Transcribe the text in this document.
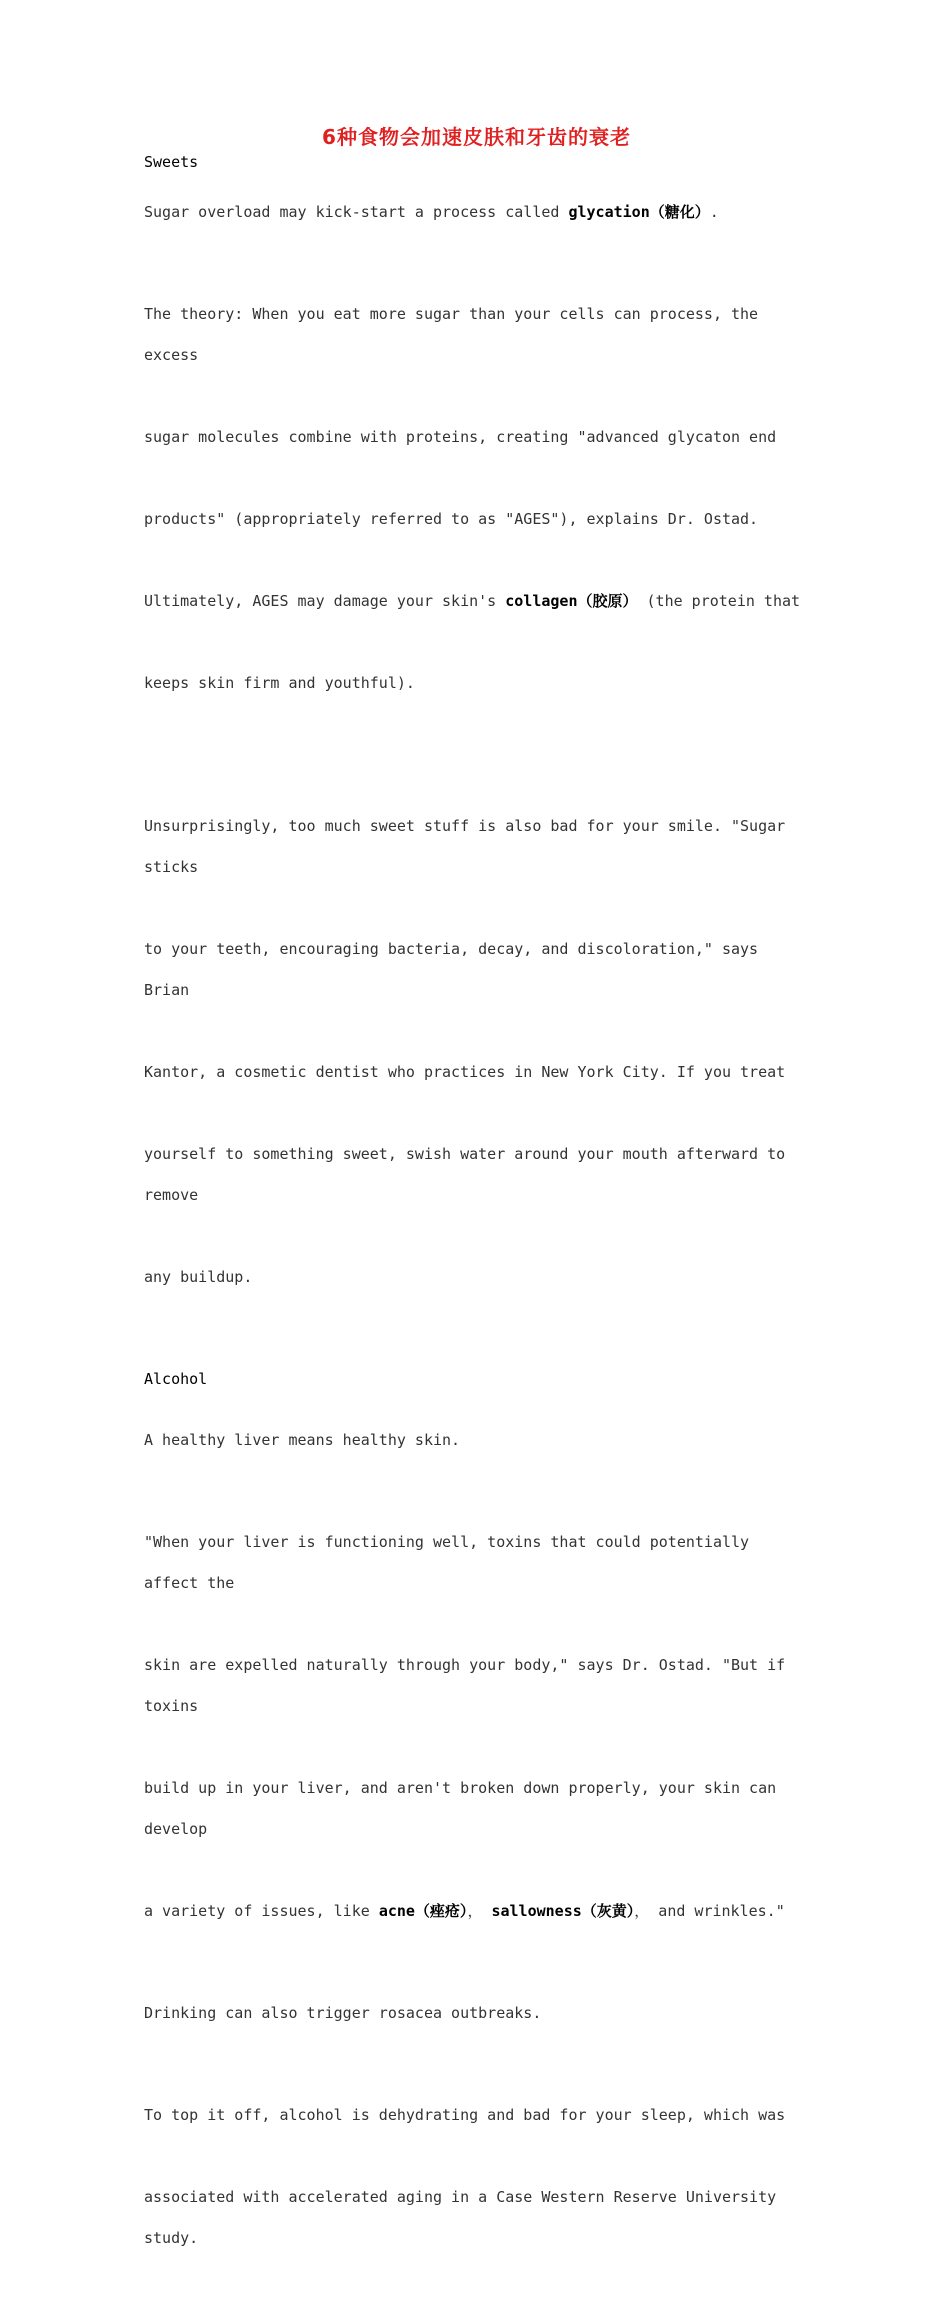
6种食物会加速皮肤和牙齿的衰老

Sweets

Sugar overload may kick-start a process called glycation（糖化）.

The theory: When you eat more sugar than your cells can process, the excess

sugar molecules combine with proteins, creating "advanced glycaton end

products" (appropriately referred to as "AGES"), explains Dr. Ostad.

Ultimately, AGES may damage your skin's collagen（胶原） (the protein that

keeps skin firm and youthful).

Unsurprisingly, too much sweet stuff is also bad for your smile. "Sugar sticks

to your teeth, encouraging bacteria, decay, and discoloration," says Brian

Kantor, a cosmetic dentist who practices in New York City. If you treat

yourself to something sweet, swish water around your mouth afterward to remove

any buildup.

Alcohol

A healthy liver means healthy skin.

"When your liver is functioning well, toxins that could potentially affect the

skin are expelled naturally through your body," says Dr. Ostad. "But if toxins

build up in your liver, and aren't broken down properly, your skin can develop

a variety of issues, like acne（痤疮）， sallowness（灰黄）， and wrinkles."

Drinking can also trigger rosacea outbreaks.

To top it off, alcohol is dehydrating and bad for your sleep, which was

associated with accelerated aging in a Case Western Reserve University study.
